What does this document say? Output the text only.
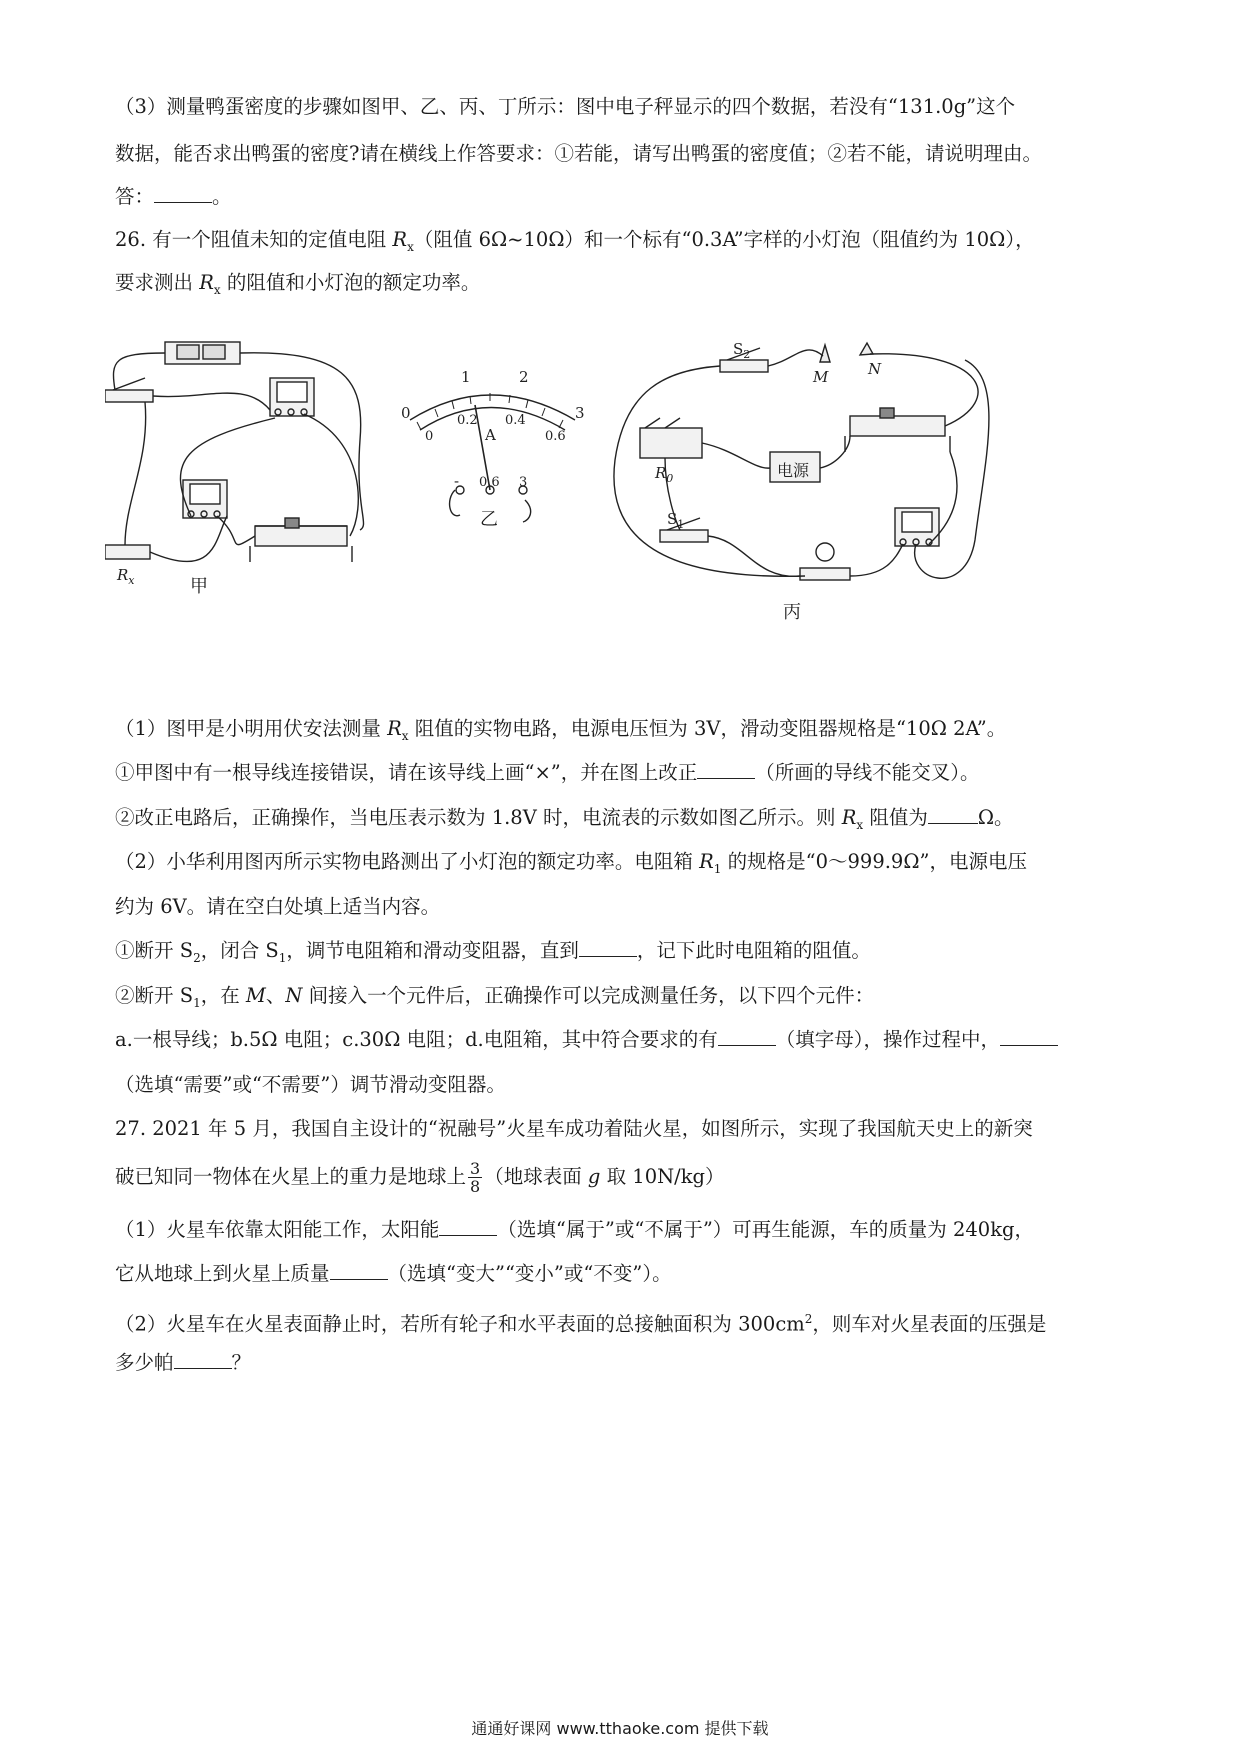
（3）测量鸭蛋密度的步骤如图甲、乙、丙、丁所示：图中电子秤显示的四个数据，若没有“131.0g”这个
数据，能否求出鸭蛋的密度?请在横线上作答要求：①若能，请写出鸭蛋的密度值；②若不能，请说明理由。
答：	。
26. 有一个阻值未知的定值电阻 $R_x$（阻值 6Ω~10Ω）和一个标有“0.3A”字样的小灯泡（阻值约为 10Ω），
要求测出 $R_x$ 的阻值和小灯泡的额定功率。
$R_x$
1	2
0	3
0.2 0.4
0	0.6
A
- 0.6 3
$S_2$
M	N
$R_0$	电源
$S_1$
甲
乙
丙
（1）图甲是小明用伏安法测量 $R_x$ 阻值的实物电路，电源电压恒为 3V，滑动变阻器规格是“10Ω 2A”。
①甲图中有一根导线连接错误，请在该导线上画“×”，并在图上改正	（所画的导线不能交叉）。
②改正电路后，正确操作，当电压表示数为 1.8V 时，电流表的示数如图乙所示。则 $R_x$ 阻值为	Ω。
（2）小华利用图丙所示实物电路测出了小灯泡的额定功率。电阻箱 $R_1$ 的规格是“0～999.9Ω”，电源电压
约为 6V。请在空白处填上适当内容。
①断开 $S_2$，闭合 $S_1$，调节电阻箱和滑动变阻器，直到	，记下此时电阻箱的阻值。
②断开 $S_1$，在 M、N 间接入一个元件后，正确操作可以完成测量任务，以下四个元件：
a.一根导线；b.5Ω 电阻；c.30Ω 电阻；d.电阻箱，其中符合要求的有	（填字母），操作过程中，
（选填“需要”或“不需要”）调节滑动变阻器。
27. 2021 年 5 月，我国自主设计的“祝融号”火星车成功着陆火星，如图所示，实现了我国航天史上的新突
破已知同一物体在火星上的重力是地球上 $\frac{3}{8}$ （地球表面 g 取 10N/kg）
（1）火星车依靠太阳能工作，太阳能	（选填“属于”或“不属于”）可再生能源，车的质量为 240kg，
它从地球上到火星上质量	（选填“变大”“变小”或“不变”）。
（2）火星车在火星表面静止时，若所有轮子和水平表面的总接触面积为 $300cm^2$，则车对火星表面的压强是
多少帕	？
通通好课网 www.tthaoke.com 提供下载
